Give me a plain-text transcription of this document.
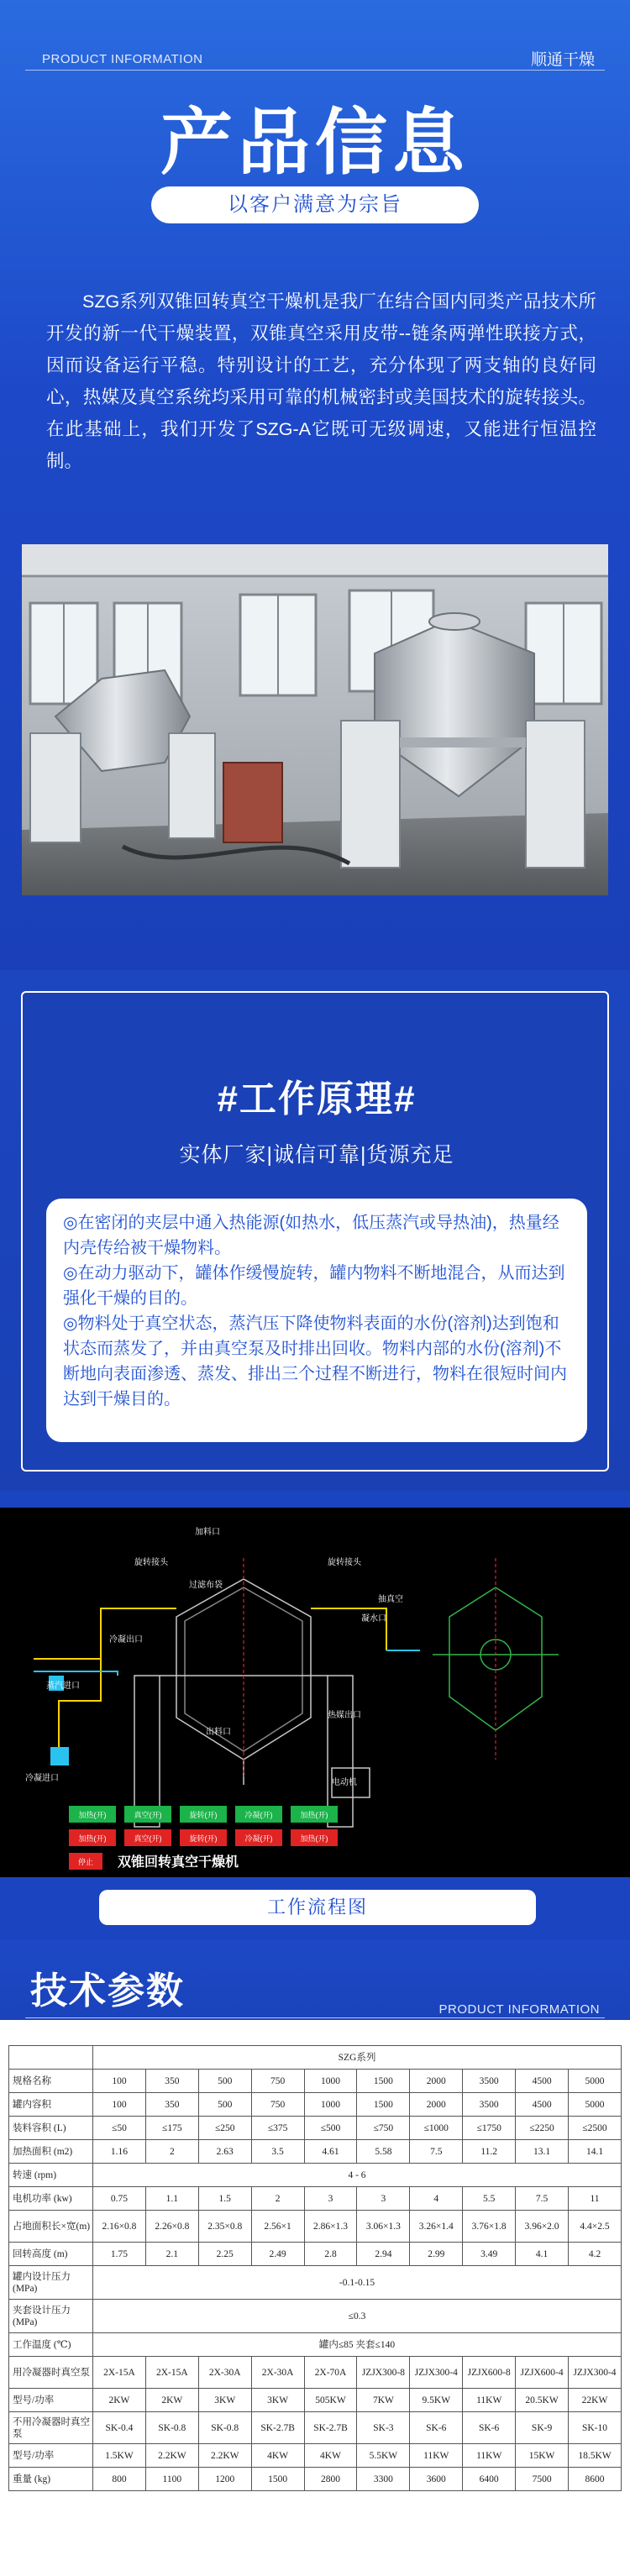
PRODUCT INFORMATION	顺通干燥
产品信息
以客户满意为宗旨
SZG系列双锥回转真空干燥机是我厂在结合国内同类产品技术所开发的新一代干燥装置，双锥真空采用皮带--链条两弹性联接方式，因而设备运行平稳。特别设计的工艺，充分体现了两支轴的良好同心，热媒及真空系统均采用可靠的机械密封或美国技术的旋转接头。在此基础上，我们开发了SZG-A它既可无级调速，又能进行恒温控制。
#工作原理#
实体厂家|诚信可靠|货源充足

◎在密闭的夹层中通入热能源(如热水，低压蒸汽或导热油)，热量经内壳传给被干燥物料。

◎在动力驱动下，罐体作缓慢旋转，罐内物料不断地混合，从而达到强化干燥的目的。

◎物料处于真空状态，蒸汽压下降使物料表面的水份(溶剂)达到饱和状态而蒸发了，并由真空泵及时排出回收。物料内部的水份(溶剂)不断地向表面渗透、蒸发、排出三个过程不断进行，物料在很短时间内达到干燥目的。

加料口
旋转接头	旋转接头
过滤布袋
抽真空
凝水口
出料口
电动机
蒸汽进口
冷凝进口
冷凝出口
热媒出口
加热(开)	真空(开)	旋转(开)	冷凝(开)	加热(开)
加热(开)	真空(开)	旋转(开)	冷凝(开)	加热(开)
停止 双锥回转真空干燥机
工作流程图
技术参数	PRODUCT INFORMATION
	SZG系列									
规格名称	100	350	500	750	1000	1500	2000	3500	4500	5000
罐内容积	100	350	500	750	1000	1500	2000	3500	4500	5000
装料容积 (L)	≤50	≤175	≤250	≤375	≤500	≤750	≤1000	≤1750	≤2250	≤2500
加热面积 (m2)	1.16	2	2.63	3.5	4.61	5.58	7.5	11.2	13.1	14.1
转速 (rpm)	4 - 6									
电机功率 (kw)	0.75	1.1	1.5	2	3	3	4	5.5	7.5	11
占地面积长×宽(m)	2.16×0.8	2.26×0.8	2.35×0.8	2.56×1	2.86×1.3	3.06×1.3	3.26×1.4	3.76×1.8	3.96×2.0	4.4×2.5
回转高度 (m)	1.75	2.1	2.25	2.49	2.8	2.94	2.99	3.49	4.1	4.2
罐内设计压力 (MPa)	-0.1-0.15									
夹套设计压力 (MPa)	≤0.3									
工作温度 (℃)	罐内≤85 夹套≤140									
用冷凝器时真空泵	2X-15A	2X-15A	2X-30A	2X-30A	2X-70A	JZJX300-8	JZJX300-4	JZJX600-8	JZJX600-4	JZJX300-4
型号/功率	2KW	2KW	3KW	3KW	505KW	7KW	9.5KW	11KW	20.5KW	22KW
不用冷凝器时真空泵	SK-0.4	SK-0.8	SK-0.8	SK-2.7B	SK-2.7B	SK-3	SK-6	SK-6	SK-9	SK-10
型号/功率	1.5KW	2.2KW	2.2KW	4KW	4KW	5.5KW	11KW	11KW	15KW	18.5KW
重量 (kg)	800	1100	1200	1500	2800	3300	3600	6400	7500	8600
